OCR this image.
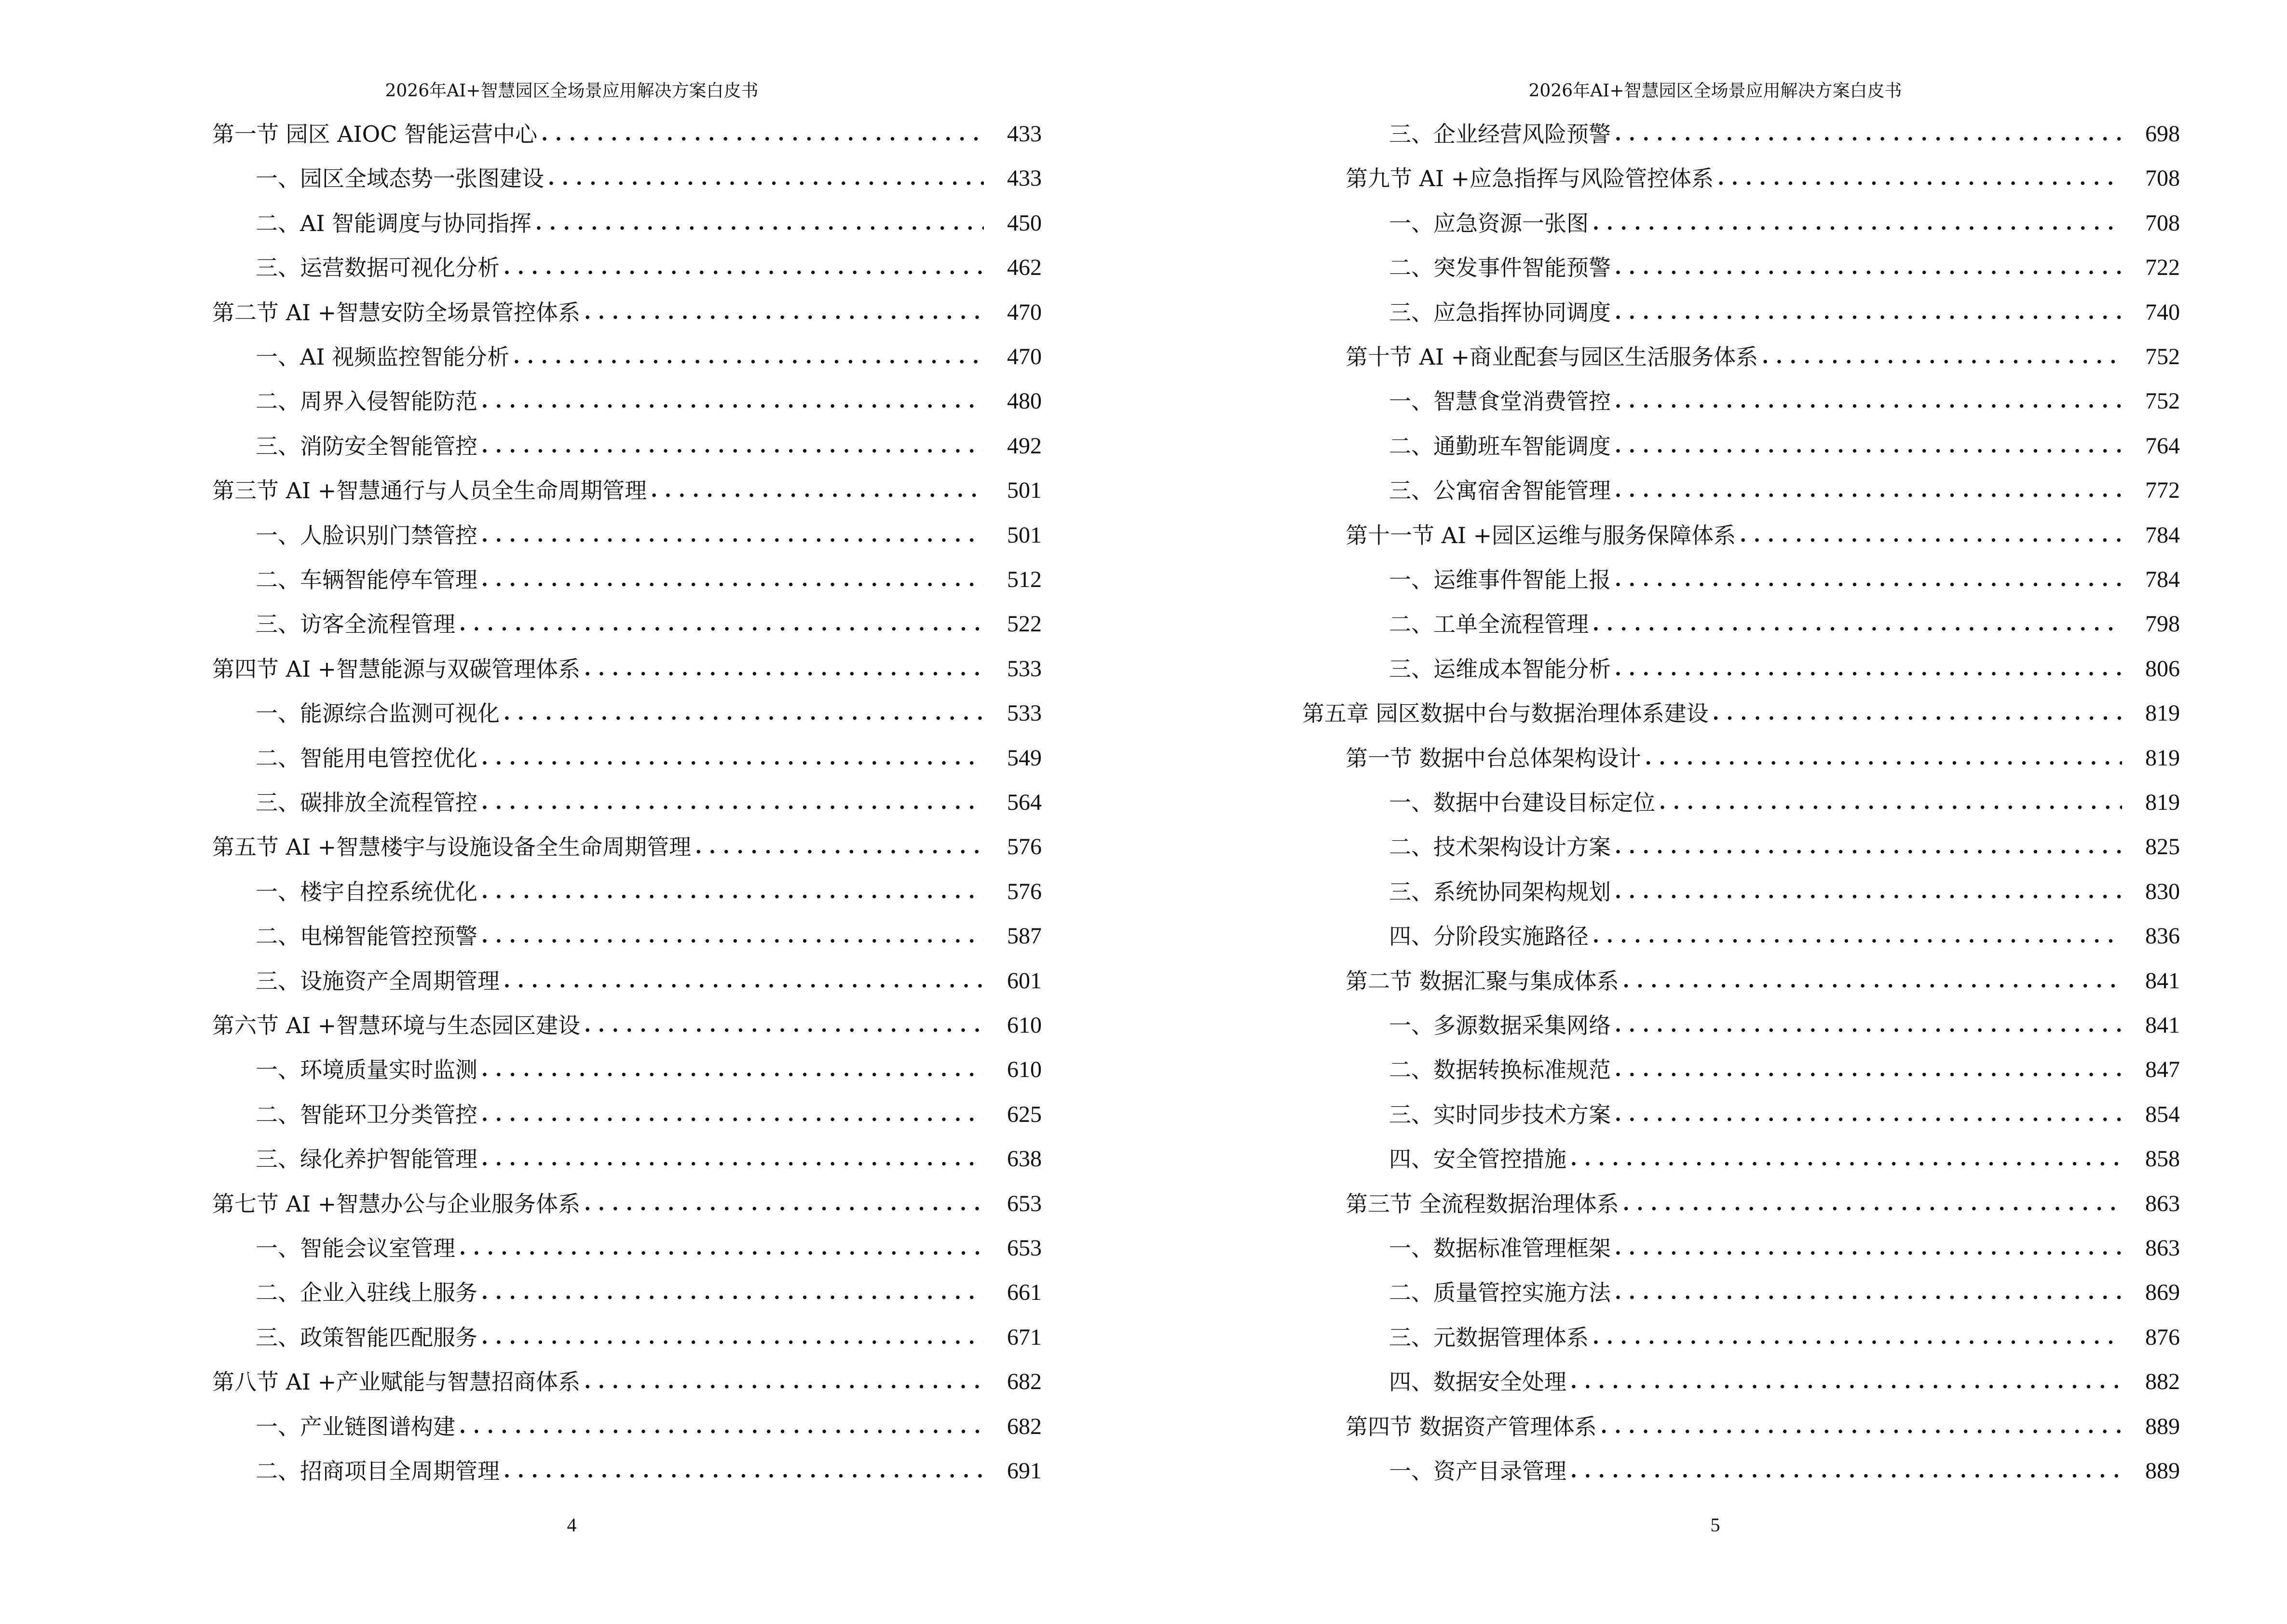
2026年AI+智慧园区全场景应用解决方案白皮书
第一节 园区 AIOC 智能运营中心 . . .	433
一、园区全域态势一张图建设 . . .	433
二、AI 智能调度与协同指挥 . . .	450
三、运营数据可视化分析 . . .	462
第二节 AI +智慧安防全场景管控体系 . . .	470
一、AI 视频监控智能分析 . . .	470
二、周界入侵智能防范 . . .	480
三、消防安全智能管控 . . .	492
第三节 AI +智慧通行与人员全生命周期管理 . . .	501
一、人脸识别门禁管控 . . .	501
二、车辆智能停车管理 . . .	512
三、访客全流程管理 . . .	522
第四节 AI +智慧能源与双碳管理体系 . . .	533
一、能源综合监测可视化 . . .	533
二、智能用电管控优化 . . .	549
三、碳排放全流程管控 . . .	564
第五节 AI +智慧楼宇与设施设备全生命周期管理 . . .	576
一、楼宇自控系统优化 . . .	576
二、电梯智能管控预警 . . .	587
三、设施资产全周期管理 . . .	601
第六节 AI +智慧环境与生态园区建设 . . .	610
一、环境质量实时监测 . . .	610
二、智能环卫分类管控 . . .	625
三、绿化养护智能管理 . . .	638
第七节 AI +智慧办公与企业服务体系 . . .	653
一、智能会议室管理 . . .	653
二、企业入驻线上服务 . . .	661
三、政策智能匹配服务 . . .	671
第八节 AI +产业赋能与智慧招商体系 . . .	682
一、产业链图谱构建 . . .	682
二、招商项目全周期管理 . . .	691
4
2026年AI+智慧园区全场景应用解决方案白皮书
三、企业经营风险预警 . . .	698
第九节 AI +应急指挥与风险管控体系 . . .	708
一、应急资源一张图 . . .	708
二、突发事件智能预警 . . .	722
三、应急指挥协同调度 . . .	740
第十节 AI +商业配套与园区生活服务体系 . . .	752
一、智慧食堂消费管控 . . .	752
二、通勤班车智能调度 . . .	764
三、公寓宿舍智能管理 . . .	772
第十一节 AI +园区运维与服务保障体系 . . .	784
一、运维事件智能上报 . . .	784
二、工单全流程管理 . . .	798
三、运维成本智能分析 . . .	806
第五章 园区数据中台与数据治理体系建设 . . .	819
第一节 数据中台总体架构设计 . . .	819
一、数据中台建设目标定位 . . .	819
二、技术架构设计方案 . . .	825
三、系统协同架构规划 . . .	830
四、分阶段实施路径 . . .	836
第二节 数据汇聚与集成体系 . . .	841
一、多源数据采集网络 . . .	841
二、数据转换标准规范 . . .	847
三、实时同步技术方案 . . .	854
四、安全管控措施 . . .	858
第三节 全流程数据治理体系 . . .	863
一、数据标准管理框架 . . .	863
二、质量管控实施方法 . . .	869
三、元数据管理体系 . . .	876
四、数据安全处理 . . .	882
第四节 数据资产管理体系 . . .	889
一、资产目录管理 . . .	889
5
